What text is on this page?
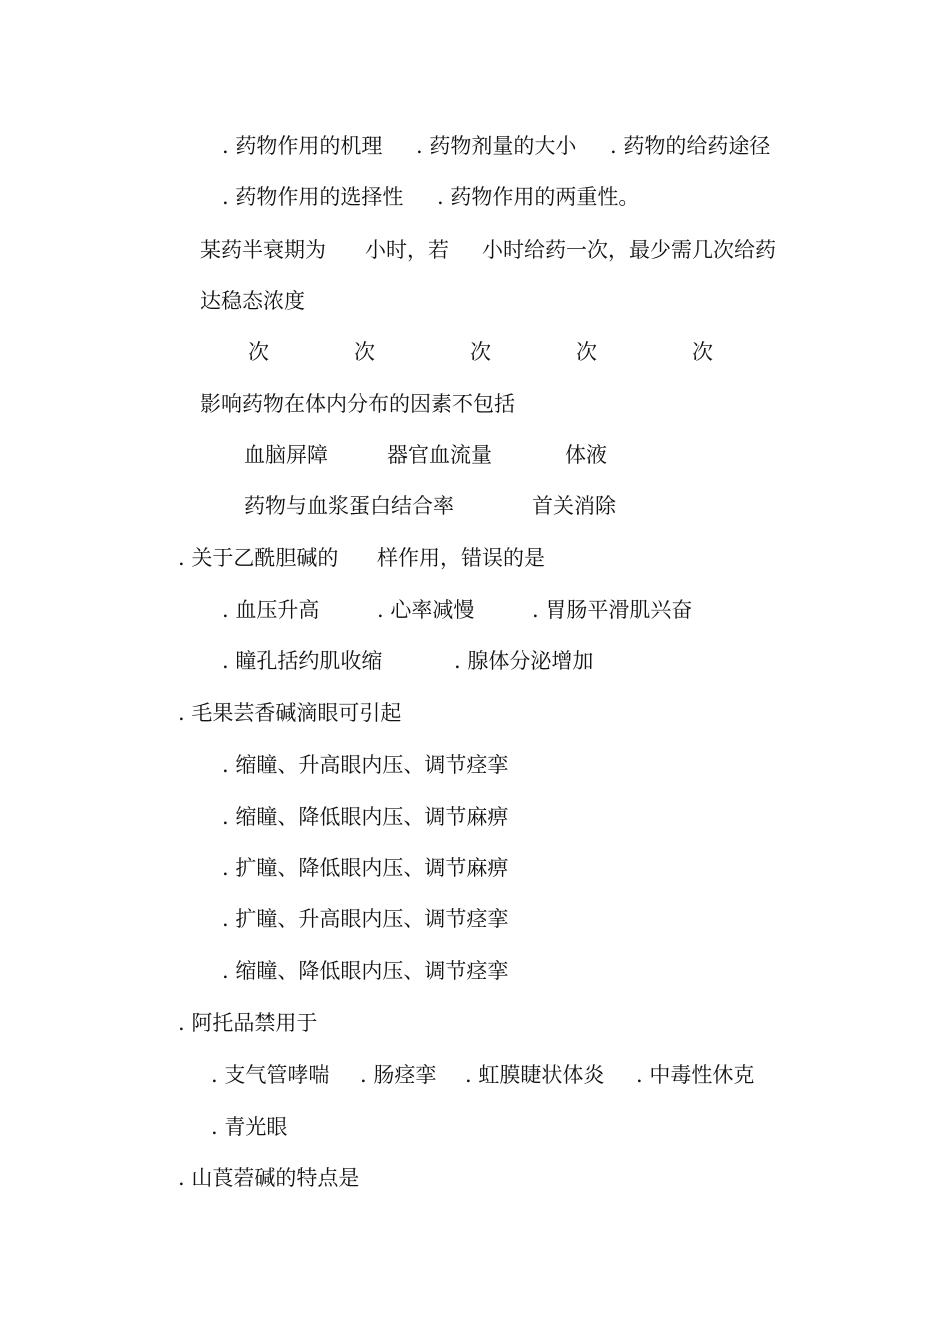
. 药物作用的机理

. 药物剂量的大小

. 药物的给药途径

. 药物作用的选择性

. 药物作用的两重性。

某药半衰期为

小时，若

小时给药一次，最少需几次给药

达稳态浓度

次

	次

	次

	次

	次

影响药物在体内分布的因素不包括

血脑屏障

	器官血流量

	体液

药物与血浆蛋白结合率

	首关消除

. 关于乙酰胆碱的

样作用，错误的是

. 血压升高

	. 心率减慢

	. 胃肠平滑肌兴奋

. 瞳孔括约肌收缩

	. 腺体分泌增加

. 毛果芸香碱滴眼可引起

. 缩瞳、升高眼内压、调节痉挛

. 缩瞳、降低眼内压、调节麻痹

. 扩瞳、降低眼内压、调节麻痹

. 扩瞳、升高眼内压、调节痉挛

. 缩瞳、降低眼内压、调节痉挛

. 阿托品禁用于

. 支气管哮喘

. 肠痉挛

. 虹膜睫状体炎

. 中毒性休克

. 青光眼

. 山莨菪碱的特点是
